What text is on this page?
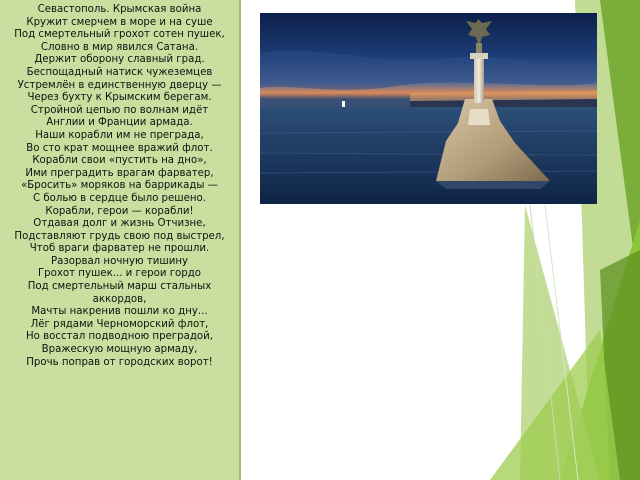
Севастополь. Крымская война
Кружит смерчем в море и на суше
Под смертельный грохот сотен пушек,
Словно в мир явился Сатана.
Держит оборону славный град.
Беспощадный натиск чужеземцев
Устремлён в единственную дверцу —
Через бухту к Крымским берегам.
Стройной цепью по волнам идёт
Англии и Франции армада.
Наши корабли им не преграда,
Во сто крат мощнее вражий флот.
Корабли свои «пустить на дно»,
Ими преградить врагам фарватер,
«Бросить» моряков на баррикады —
С болью в сердце было решено.
Корабли, герои — корабли!
Отдавая долг и жизнь Отчизне,
Подставляют грудь свою под выстрел,
Чтоб враги фарватер не прошли.
Разорвал ночную тишину
Грохот пушек... и герои гордо
Под смертельный марш стальных аккордов,
Мачты накренив пошли ко дну...
Лёг рядами Черноморский флот,
Но восстал подводною преградой,
Вражескую мощную армаду,
Прочь поправ от городских ворот!
